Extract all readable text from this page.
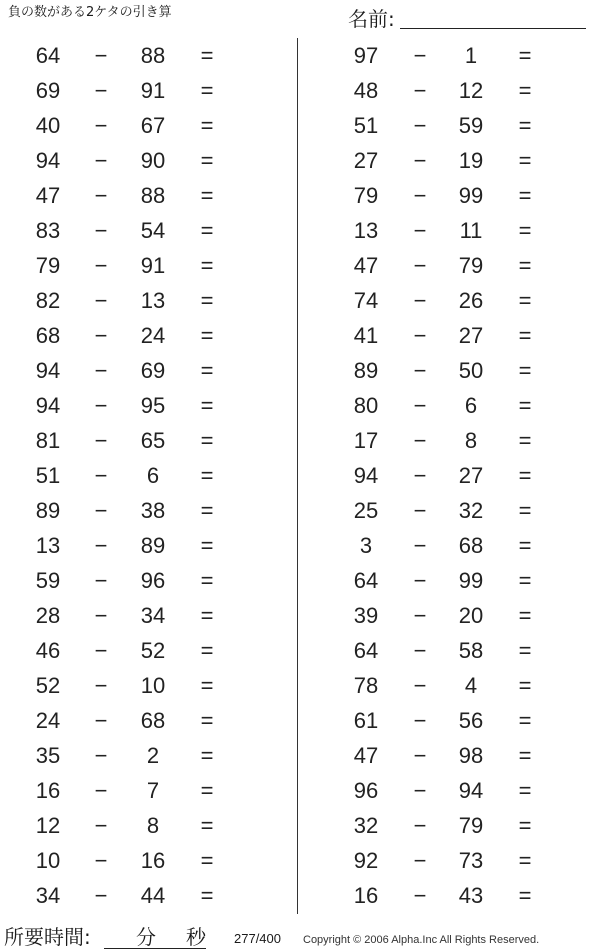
負の数がある2ケタの引き算	名前:
64	−	88	=
69	−	91	=
40	−	67	=
94	−	90	=
47	−	88	=
83	−	54	=
79	−	91	=
82	−	13	=
68	−	24	=
94	−	69	=
94	−	95	=
81	−	65	=
51	−	6	=
89	−	38	=
13	−	89	=
59	−	96	=
28	−	34	=
46	−	52	=
52	−	10	=
24	−	68	=
35	−	2	=
16	−	7	=
12	−	8	=
10	−	16	=
34	−	44	=
97	−	1	=
48	−	12	=
51	−	59	=
27	−	19	=
79	−	99	=
13	−	11	=
47	−	79	=
74	−	26	=
41	−	27	=
89	−	50	=
80	−	6	=
17	−	8	=
94	−	27	=
25	−	32	=
3	−	68	=
64	−	99	=
39	−	20	=
64	−	58	=
78	−	4	=
61	−	56	=
47	−	98	=
96	−	94	=
32	−	79	=
92	−	73	=
16	−	43	=
所要時間: 分 秒 277/400 Copyright © 2006 Alpha.Inc All Rights Reserved.
